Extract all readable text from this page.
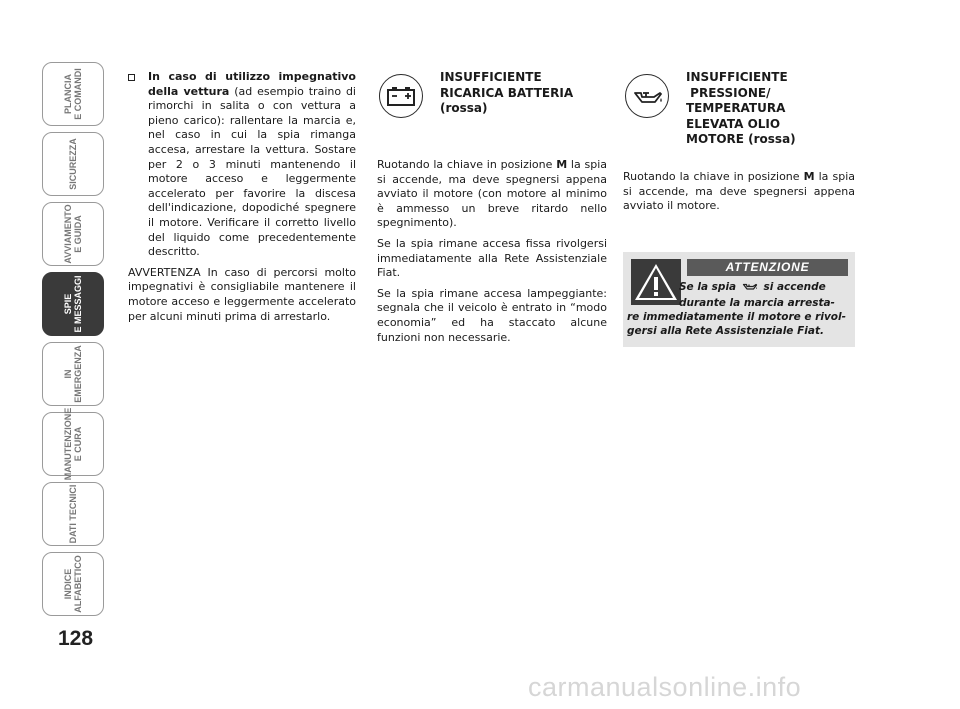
PLANCIA
E COMANDI
SICUREZZA
AVVIAMENTO
E GUIDA
SPIE
E MESSAGGI
IN
EMERGENZA
MANUTENZIONE
E CURA
DATI TECNICI
INDICE
ALFABETICO
128

In caso di utilizzo impegnativo della vettura (ad esempio traino di rimorchi in salita o con vettura a pieno carico): rallentare la marcia e, nel caso in cui la spia rimanga accesa, arrestare la vettura. Sostare per 2 o 3 minuti mantenendo il motore acceso e leggermente accelerato per favorire la discesa dell'indicazione, dopodiché spegnere il motore. Verificare il corretto livello del liquido come precedentemente descritto.

AVVERTENZA In caso di percorsi molto impegnativi è consigliabile mantenere il motore acceso e leggermente accelerato per alcuni minuti prima di arrestarlo.

INSUFFICIENTE
RICARICA BATTERIA
(rossa)

Ruotando la chiave in posizione M la spia si accende, ma deve spegnersi appena avviato il motore (con motore al minimo è ammesso un breve ritardo nello spegnimento).

Se la spia rimane accesa fissa rivolgersi immediatamente alla Rete Assistenziale Fiat.

Se la spia rimane accesa lampeggiante: segnala che il veicolo è entrato in “modo economia” ed ha staccato alcune funzioni non necessarie.

INSUFFICIENTE
PRESSIONE/
TEMPERATURA
ELEVATA OLIO
MOTORE (rossa)

Ruotando la chiave in posizione M la spia si accende, ma deve spegnersi appena avviato il motore.

ATTENZIONE
Se la spia  si accende
durante la marcia arresta-
re immediatamente il motore e rivol-
gersi alla Rete Assistenziale Fiat.
carmanualsonline.info
